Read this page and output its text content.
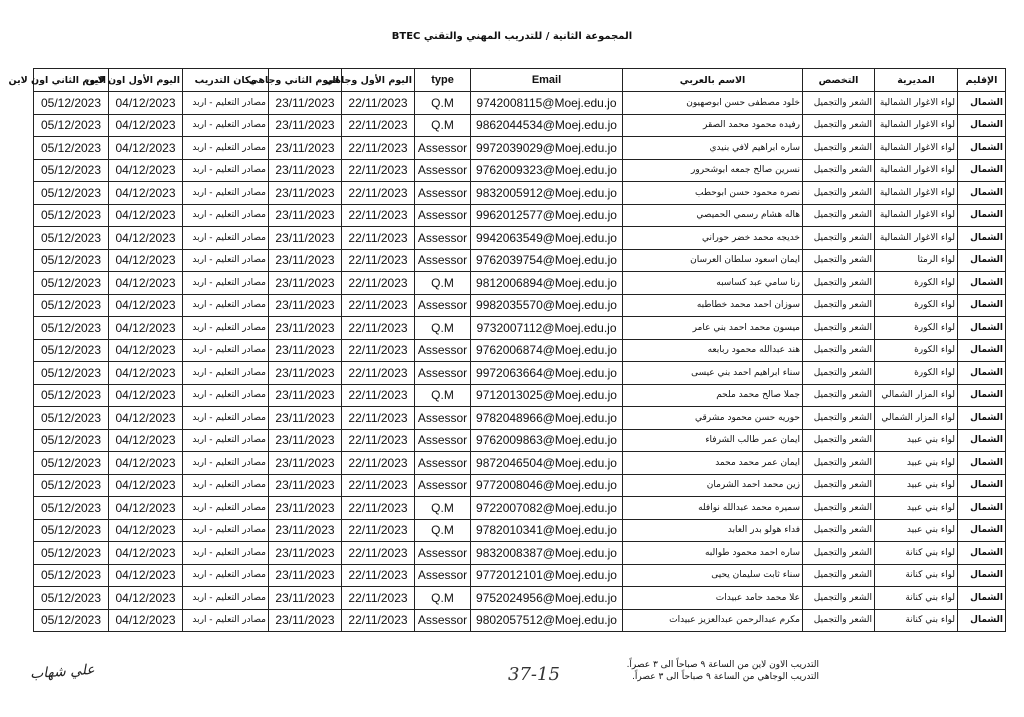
المجموعة الثانية / للتدريب المهني والتقني BTEC
الإقليم	المديرية	التخصص	الاسم بالعربي	Email	type	اليوم الأول وجاهي	اليوم الثاني وجاهي	مكان التدريب	اليوم الأول اون لاين	اليوم الثاني اون لاين
الشمال	لواء الاغوار الشمالية	الشعر والتجميل	خلود مصطفى حسن ابوصهيون	9742008115@Moej.edu.jo	Q.M	22/11/2023	23/11/2023	مصادر التعليم - اربد	04/12/2023	05/12/2023
الشمال	لواء الاغوار الشمالية	الشعر والتجميل	رفيده محمود محمد الصقر	9862044534@Moej.edu.jo	Q.M	22/11/2023	23/11/2023	مصادر التعليم - اربد	04/12/2023	05/12/2023
الشمال	لواء الاغوار الشمالية	الشعر والتجميل	ساره ابراهيم لافي بنيدي	9972039029@Moej.edu.jo	Assessor	22/11/2023	23/11/2023	مصادر التعليم - اربد	04/12/2023	05/12/2023
الشمال	لواء الاغوار الشمالية	الشعر والتجميل	نسرين صالح جمعه ابوشحرور	9762009323@Moej.edu.jo	Assessor	22/11/2023	23/11/2023	مصادر التعليم - اربد	04/12/2023	05/12/2023
الشمال	لواء الاغوار الشمالية	الشعر والتجميل	نصره محمود حسن ابوحطب	9832005912@Moej.edu.jo	Assessor	22/11/2023	23/11/2023	مصادر التعليم - اربد	04/12/2023	05/12/2023
الشمال	لواء الاغوار الشمالية	الشعر والتجميل	هاله هشام رسمي الحميصي	9962012577@Moej.edu.jo	Assessor	22/11/2023	23/11/2023	مصادر التعليم - اربد	04/12/2023	05/12/2023
الشمال	لواء الاغوار الشمالية	الشعر والتجميل	خديجه محمد خضر حوراني	9942063549@Moej.edu.jo	Assessor	22/11/2023	23/11/2023	مصادر التعليم - اربد	04/12/2023	05/12/2023
الشمال	لواء الرمثا	الشعر والتجميل	ايمان اسعود سلطان العرسان	9762039754@Moej.edu.jo	Assessor	22/11/2023	23/11/2023	مصادر التعليم - اربد	04/12/2023	05/12/2023
الشمال	لواء الكورة	الشعر والتجميل	رنا سامي عبد كساسبه	9812006894@Moej.edu.jo	Q.M	22/11/2023	23/11/2023	مصادر التعليم - اربد	04/12/2023	05/12/2023
الشمال	لواء الكورة	الشعر والتجميل	سوزان احمد محمد خطاطبه	9982035570@Moej.edu.jo	Assessor	22/11/2023	23/11/2023	مصادر التعليم - اربد	04/12/2023	05/12/2023
الشمال	لواء الكورة	الشعر والتجميل	ميسون محمد احمد بني عامر	9732007112@Moej.edu.jo	Q.M	22/11/2023	23/11/2023	مصادر التعليم - اربد	04/12/2023	05/12/2023
الشمال	لواء الكورة	الشعر والتجميل	هند عبدالله محمود ربابعه	9762006874@Moej.edu.jo	Assessor	22/11/2023	23/11/2023	مصادر التعليم - اربد	04/12/2023	05/12/2023
الشمال	لواء الكورة	الشعر والتجميل	سناء ابراهيم احمد بني عيسى	9972063664@Moej.edu.jo	Assessor	22/11/2023	23/11/2023	مصادر التعليم - اربد	04/12/2023	05/12/2023
الشمال	لواء المزار الشمالي	الشعر والتجميل	جملا صالح محمد ملحم	9712013025@Moej.edu.jo	Q.M	22/11/2023	23/11/2023	مصادر التعليم - اربد	04/12/2023	05/12/2023
الشمال	لواء المزار الشمالي	الشعر والتجميل	حوريه حسن محمود مشرقي	9782048966@Moej.edu.jo	Assessor	22/11/2023	23/11/2023	مصادر التعليم - اربد	04/12/2023	05/12/2023
الشمال	لواء بني عبيد	الشعر والتجميل	ايمان عمر طالب الشرفاء	9762009863@Moej.edu.jo	Assessor	22/11/2023	23/11/2023	مصادر التعليم - اربد	04/12/2023	05/12/2023
الشمال	لواء بني عبيد	الشعر والتجميل	ايمان عمر محمد محمد	9872046504@Moej.edu.jo	Assessor	22/11/2023	23/11/2023	مصادر التعليم - اربد	04/12/2023	05/12/2023
الشمال	لواء بني عبيد	الشعر والتجميل	زين محمد احمد الشرمان	9772008046@Moej.edu.jo	Assessor	22/11/2023	23/11/2023	مصادر التعليم - اربد	04/12/2023	05/12/2023
الشمال	لواء بني عبيد	الشعر والتجميل	سميره محمد عبدالله نوافله	9722007082@Moej.edu.jo	Q.M	22/11/2023	23/11/2023	مصادر التعليم - اربد	04/12/2023	05/12/2023
الشمال	لواء بني عبيد	الشعر والتجميل	فداء هولو بدر العابد	9782010341@Moej.edu.jo	Q.M	22/11/2023	23/11/2023	مصادر التعليم - اربد	04/12/2023	05/12/2023
الشمال	لواء بني كنانة	الشعر والتجميل	ساره احمد محمود طوالبه	9832008387@Moej.edu.jo	Assessor	22/11/2023	23/11/2023	مصادر التعليم - اربد	04/12/2023	05/12/2023
الشمال	لواء بني كنانة	الشعر والتجميل	سناء ثابت سليمان يحيى	9772012101@Moej.edu.jo	Assessor	22/11/2023	23/11/2023	مصادر التعليم - اربد	04/12/2023	05/12/2023
الشمال	لواء بني كنانة	الشعر والتجميل	علا محمد حامد عبيدات	9752024956@Moej.edu.jo	Q.M	22/11/2023	23/11/2023	مصادر التعليم - اربد	04/12/2023	05/12/2023
الشمال	لواء بني كنانة	الشعر والتجميل	مكرم عبدالرحمن عبدالعزيز عبيدات	9802057512@Moej.edu.jo	Assessor	22/11/2023	23/11/2023	مصادر التعليم - اربد	04/12/2023	05/12/2023
التدريب الاون لاين من الساعة ٩ صباحاً الى ٣ عصراً.
التدريب الوجاهي من الساعة ٩ صباحاً الى ٣ عصراً.
37-15
علي شهاب
